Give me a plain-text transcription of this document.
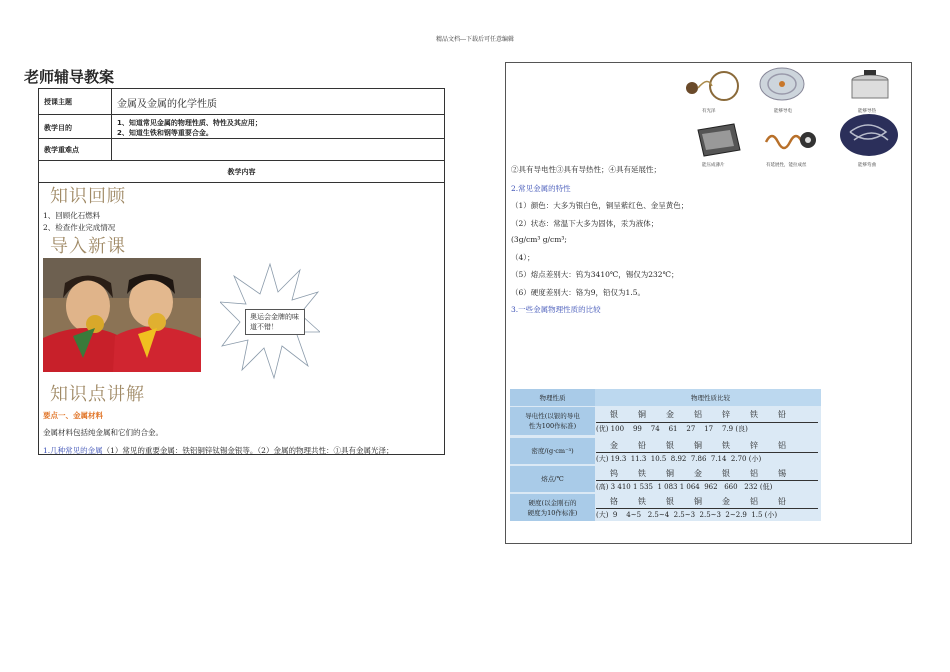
精品文档---下载后可任意编辑
老师辅导教案
授课主题	金属及金属的化学性质
教学目的
1、知道常见金属的物理性质、特性及其应用；
2、知道生铁和钢等重要合金。
教学重难点
教学内容
知识回顾
1、回顾化石燃料
2、检查作业完成情况
导入新课
奥运会金牌的味道不错！
知识点讲解
要点一、金属材料
金属材料包括纯金属和它们的合金。
1.几种常见的金属（1）常见的重要金属：铁铝铜锌钛锡金银等。（2）金属的物理共性：①具有金属光泽；
有光泽	能够导电	能够导热
能压成薄片	有延展性，能拉成丝	能够弯曲
②具有导电性③具有导热性；④具有延展性；
2.常见金属的特性
（1）颜色：大多为银白色，铜呈紫红色、金呈黄色；
（2）状态：常温下大多为固体，汞为液体；
(3g/cm³ g/cm³;
（4）；
（5）熔点差别大：钨为3410℃，锡仅为232℃；
（6）硬度差别大：铬为9，铅仅为1.5。
3.一些金属物理性质的比较
物理性质	物理性质比较
导电性(以银的导电
性为100作标准)
银	铜	金	铝	锌	铁	铅
(优) 100    99    74    61    27    17    7.9 (良)
密度/(g·cm⁻³)
金	铅	银	铜	铁	锌	铝
(大) 19.3  11.3  10.5  8.92  7.86  7.14  2.70 (小)
熔点/℃
钨	铁	铜	金	银	铝	锡
(高) 3 410 1 535  1 083 1 064  962   660   232 (低)
硬度(以金刚石的
硬度为10作标准)
铬	铁	银	铜	金	铝	铅
(大)  9    4~5   2.5~4  2.5~3  2.5~3  2~2.9  1.5 (小)
